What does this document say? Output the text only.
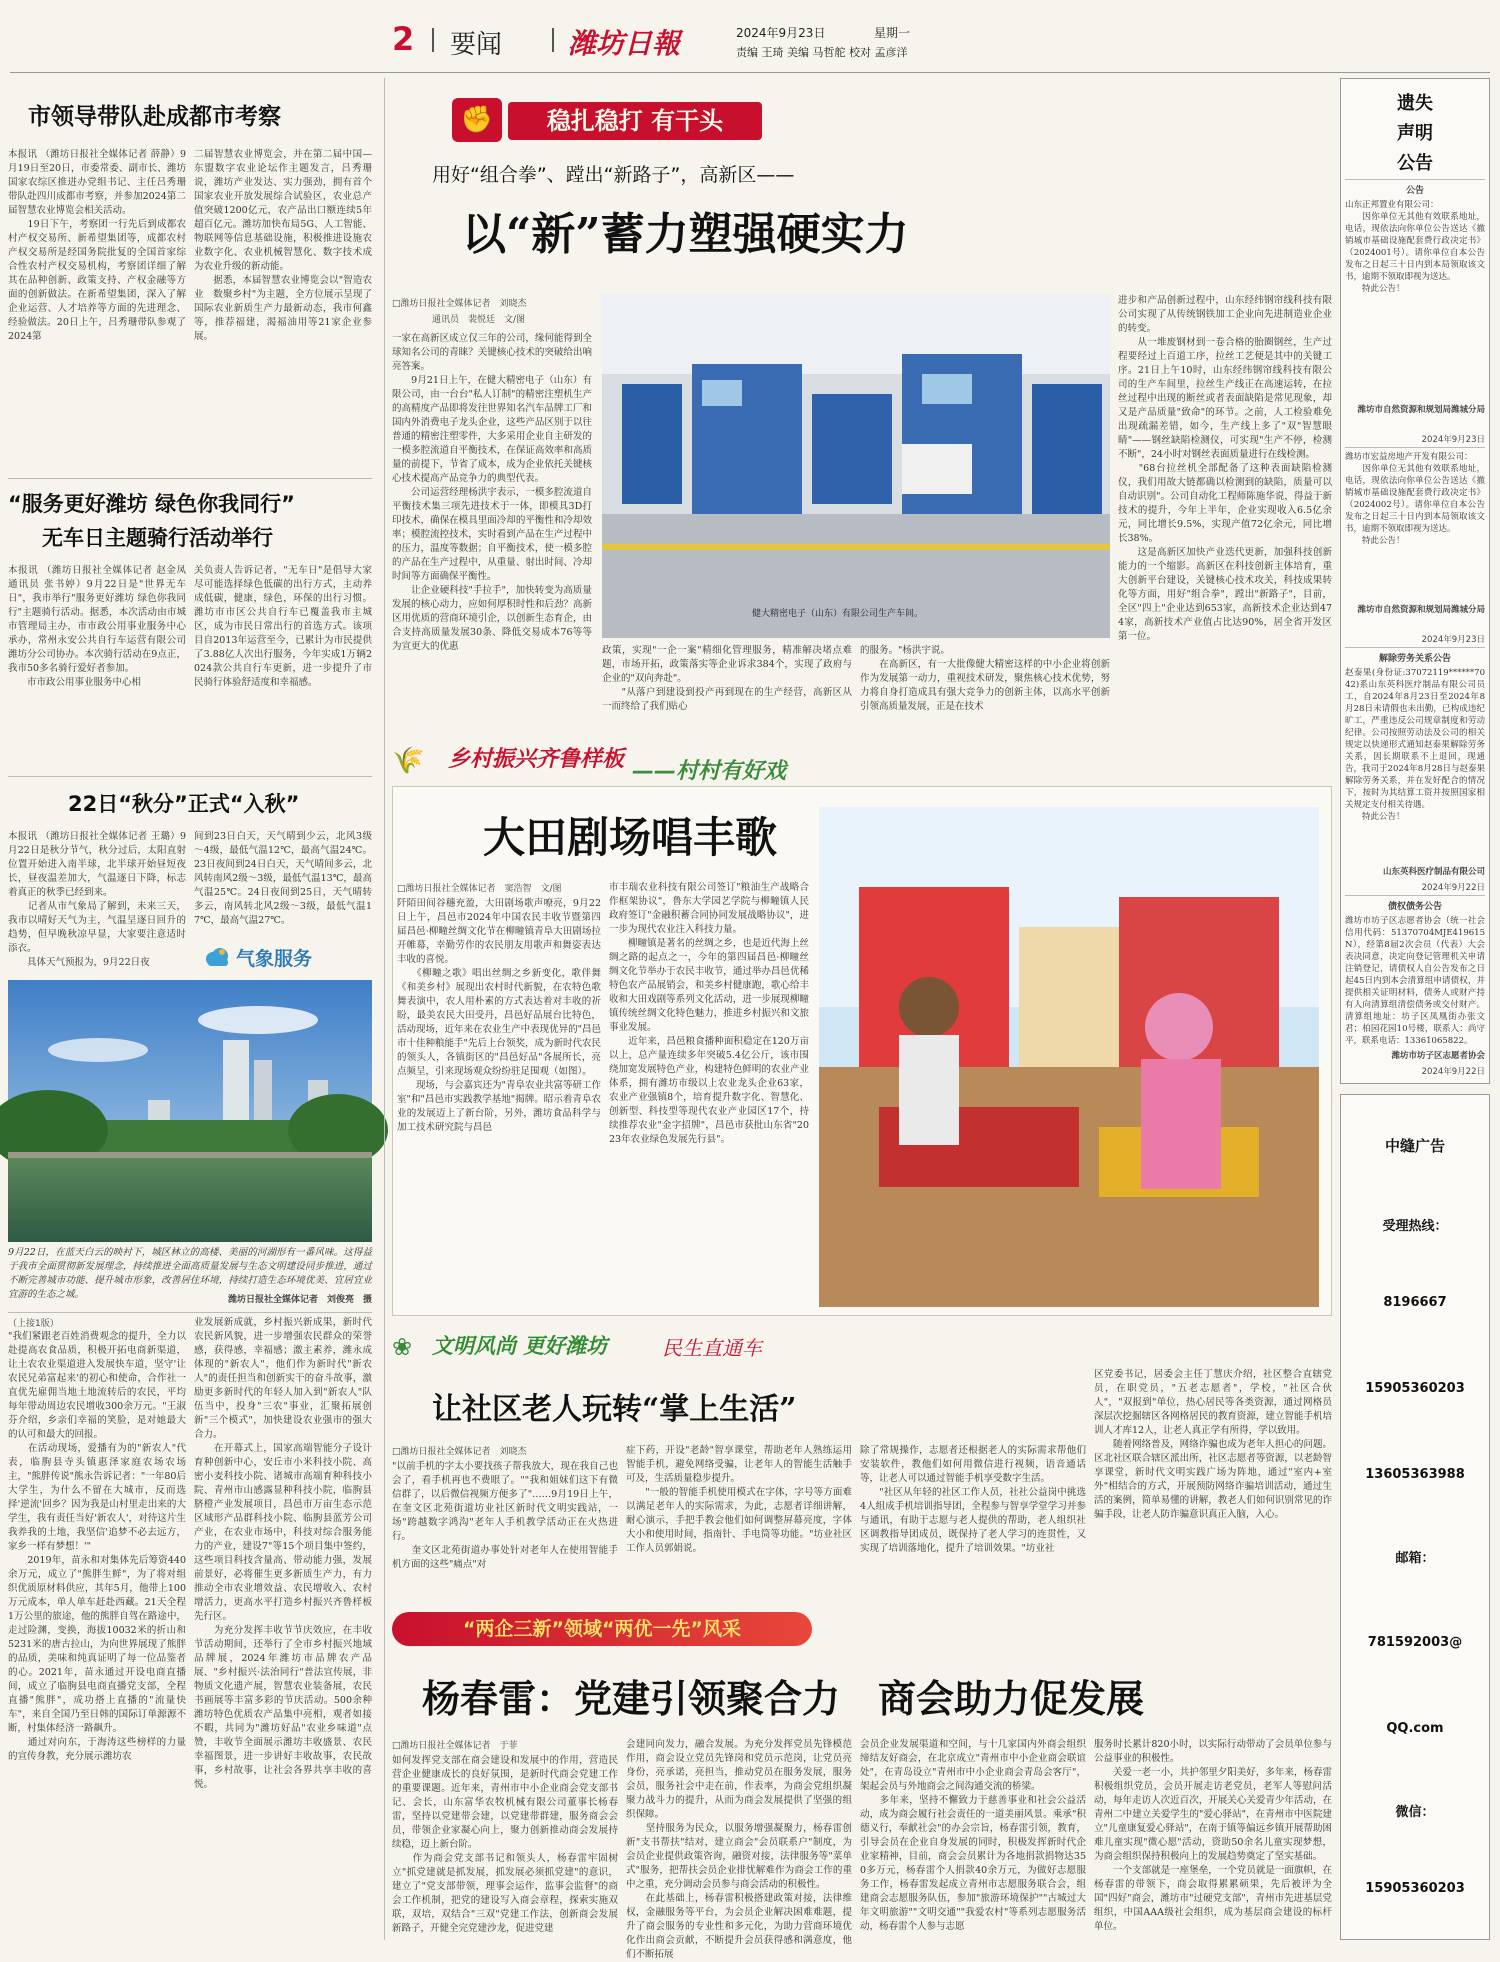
2 要闻	潍坊日報	2024年9月23日	星期一
责编 王琦 美编 马哲舵 校对 孟彦洋
市领导带队赴成都市考察
本报讯 （潍坊日报社全媒体记者 薛静）9月19日至20日，市委常委、副市长、潍坊国家农综区推进办党组书记、主任吕秀珊带队赴四川成都市考察，并参加2024第二届智慧农业博览会相关活动。
　　19日下午，考察团一行先后到成都农村产权交易所、新希望集团等，成都农村产权交易所是经国务院批复的全国首家综合性农村产权交易机构，考察团详细了解其在品种创新、政策支持、产权金融等方面的创新做法。在新希望集团，深入了解企业运营、人才培养等方面的先进理念、经验做法。20日上午，吕秀珊带队参观了2024第
二届智慧农业博览会，并在第二届中国—东盟数字农业论坛作主题发言，吕秀珊说，潍坊产业发达、实力强劲，拥有首个国家农业开放发展综合试验区，农业总产值突破1200亿元，农产品出口额连续5年超百亿元。潍坊加快布局5G、人工智能、物联网等信息基础设施，积极推进设施农业数字化、农业机械智慧化、数字技术成为农业升级的新动能。
　　据悉，本届智慧农业博览会以"智造农业　数聚乡村"为主题，全方位展示呈现了国际农业新质生产力最新动态，我市何鑫等，推荐福建，渴福油用等21家企业参展。
“服务更好潍坊 绿色你我同行”
无车日主题骑行活动举行
本报讯 （潍坊日报社全媒体记者 赵金凤 通讯员 张书婷）9月22日是"世界无车日"，我市举行"服务更好潍坊 绿色你我同行"主题骑行活动。据悉，本次活动由市城市管理局主办，市市政公用事业服务中心承办，常州永安公共自行车运营有限公司潍坊分公司协办。本次骑行活动在9点正，我市50多名骑行爱好者参加。
　　市市政公用事业服务中心相
关负责人告诉记者，"无车日"是倡导大家尽可能选择绿色低碳的出行方式，主动养成低碳，健康，绿色，环保的出行习惯。潍坊市市区公共自行车已覆盖我市主城区，成为市民日常出行的首选方式。该项目自2013年运营至今，已累计为市民提供了3.88亿人次出行服务，今年实成1万辆2024款公共自行车更新，进一步提升了市民骑行体验舒适度和幸福感。
22日“秋分”正式“入秋”
本报讯 （潍坊日报社全媒体记者 王璐）9月22日是秋分节气，秋分过后，太阳直射位置开始进入南半球，北半球开始昼短夜长，昼夜温差加大，气温逐日下降，标志着真正的秋季已经到来。
　　记者从市气象局了解到，未来三天，我市以晴好天气为主，气温呈逐日回升的趋势，但早晚秋凉早显，大家要注意适时添衣。
　　具体天气预报为，9月22日夜
间到23日白天，天气晴到少云，北风3级～4级，最低气温12℃，最高气温24℃。23日夜间到24日白天，天气晴间多云，北风转南风2级～3级，最低气温13℃，最高气温25℃。24日夜间到25日，天气晴转多云，南风转北风2级～3级，最低气温17℃，最高气温27℃。
气象服务
9月22日，在蓝天白云的映衬下，城区林立的高楼、美丽的河湖形有一番风味。这得益于我市全面贯彻新发展理念，持续推进全面高质量发展与生态文明建设同步推进，通过不断完善城市功能、提升城市形象，改善居住环境，持续打造生态环境优美、宜居宜业宜游的生态之城。	潍坊日报社全媒体记者　刘俊亮　摄
（上接1版）
"我们紧跟老百姓消费观念的提升，全力以赴提高农食品质，积极开拓电商新渠道，让土农农业渠道进入发展快车道，坚守'让农民兄弟富起来'的初心和使命，合作社一直优先雇佣当地土地流转后的农民，平均每年带动周边农民增收300余万元。"王淑芬介绍，乡亲们幸福的笑脸，是对她最大的认可和最大的回报。
　　在活动现场，爱播有为的"新农人"代表，临朐县寺头镇惠泽家庭农场农场主，"熊胖传说"熊永告诉记者："一年80后大学生，为什么不留在大城市，反而选择'逆流'回乡？因为我是山村里走出来的大学生，我有责任当好'新农人'，对待这片生我养我的土地，我坚信'追梦不必去远方，家乡一样有梦想！'"
　　2019年，苗永和对集体先后筹资440余万元，成立了"熊胖生鲜"，为了将对组织优质原材料供应，其年5月，他带上100万元成本，单人单车赶赴西藏。21天全程1万公里的旅途，他的熊胖自驾在路途中，走过险渊，变换，海拔10032米的折山和5231米的唐古拉山，为向世界展现了熊胖的品质，美味和纯真证明了每一位品鉴者的心。2021年，苗永通过开设电商直播间，成立了临朐县电商直播党支部，全程直播"熊胖"，成功搭上直播的"流量快车"，来自全国乃至日韩的国际订单源源不断，村集体经济一路飙升。
　　通过对向东，于海涛这些榜样的力量的宣传身教，充分展示潍坊农
业发展新成就，乡村振兴新成果，新时代农民新风貌，进一步增强农民群众的荣誉感，获得感，幸福感；激主素养，潍永成体现的"新农人"，他们作为新时代"新农人"的责任担当和创新实干的奋斗故事，激励更多新时代的年轻人加入到"新农人"队伍当中，投身"三农"事业，汇聚拓展创新"三个模式"，加快建设农业强市的强大合力。
　　在开幕式上，国家高端智能分子设计育种创新中心，安丘市小米科技小院、高密小麦科技小院、诸城市高端育种科技小院、青州市山感露显种科技小院，临朐县脐橙产业发展项目，昌邑市万亩生态示范区域形产品群科技小院、临朐县蓝芳公司产业，在农业市场中，科技对综合服务能力的产业，建设7"等15个项目集中签约，这些项目科技含量高、带动能力强，发展前景好，必将催生更多新质生产力，有力推动全市农业增效益、农民增收入、农村增活力，更高水平打造乡村振兴齐鲁样板先行区。
　　为充分发挥丰收节节庆效应，在丰收节活动期间，还举行了全市乡村振兴地域品牌展，2024年潍坊市品牌农产品展、"乡村振兴·法治同行"普法宣传展，非物质文化遗产展，智慧农业装备展，农民书画展等丰富多彩的节庆活动。500余种潍坊特色优质农产品集中亮相，观者如接不暇，共同为"潍坊好品"农业乡味道"点赞，丰收节全面展示潍坊丰收盛景、农民幸福图景，进一步讲好丰收故事，农民故事，乡村故事，让社会各界共享丰收的喜悦。
✊	稳扎稳打 有干头
用好“组合拳”、蹚出“新路子”，高新区——
以“新”蓄力塑强硬实力
□潍坊日报社全媒体记者　刘晓杰
通讯员　裴悦廷　文/图
一家在高新区成立仅三年的公司，缘何能得到全球知名公司的青睐？关键核心技术的突破给出响亮答案。
　　9月21日上午，在健大精密电子（山东）有限公司，由一台台"私人订制"的精密注塑机生产的高精度产品即将发往世界知名汽车品牌工厂和国内外消费电子龙头企业，这些产品区别于以往普通的精密注塑零件，大多采用企业自主研发的一模多腔流道自平衡技术，在保证高效率和高质量的前提下，节省了成本，成为企业依托关键核心技术提高产品竞争力的典型代表。
　　公司运营经理杨洪宇表示，一模多腔流道自平衡技术集三项先进技术于一体，即模具3D打印技术，确保在模具里面冷却的平衡性和冷却效率；模腔流控技术，实时看到产品在生产过程中的压力，温度等数据；自平衡技术，使一模多腔的产品在生产过程中，从重量、射出时间、冷却时间等方面确保平衡性。
　　让企业硬科技"手拉手"，加快转变为高质量发展的核心动力，应如何厚积时性和后劲？高新区用优质的营商环境引企，以创新生态育企，由合支持高质量发展30条、降低交易成本76等等为宣更大的优惠
健大精密电子（山东）有限公司生产车间。
政策，实现"一企一案"精细化管理服务，精准解决堵点难题，市场开拓，政策落实等企业诉求384个，实现了政府与企业的"双向奔赴"。
　　"从落户到建设到投产再到现在的生产经营，高新区从一而终给了我们贴心
的服务。"杨洪宇说。
　　在高新区，有一大批像健大精密这样的中小企业将创新作为发展第一动力，重视技术研发，聚焦核心技术优势，努力将自身打造成具有强大竞争力的创新主体，以高水平创新引领高质量发展，正是在技术
进步和产品创新过程中，山东经纬钢帘线科技有限公司实现了从传统钢铁加工企业向先进制造业企业的转变。
　　从一堆废钢材到一卷合格的胎圈钢丝，生产过程要经过上百道工序，拉丝工艺便是其中的关键工序。21日上午10时，山东经纬钢帘线科技有限公司的生产车间里，拉丝生产线正在高速运转，在拉丝过程中出现的断丝或者表面缺陷是常见现象，却又是产品质量"致命"的环节。之前，人工检验难免出现疏漏差错，如今，生产线上多了"双"智慧眼睛"——钢丝缺陷检测仪，可实现"生产不停，检测不断"，24小时对钢丝表面质量进行在线检测。
　　"68台拉丝机全部配备了这种表面缺陷检测仪，我们用故大链都确以检测到的缺陷，质量可以自动识别"。公司自动化工程师陈施华说，得益于新技术的提升，今年上半年，企业实现收入6.5亿余元，同比增长9.5%，实现产值72亿余元，同比增长38%。
　　这是高新区加快产业迭代更新，加强科技创新能力的一个缩影。高新区在科技创新主体培育，重大创新平台建设，关键核心技术攻关，科技成果转化等方面，用好"组合拳"，蹚出"新路子"，目前，全区"四上"企业达到653家，高新技术企业达到474家，高新技术产业值占比达90%，居全省开发区第一位。
🌾	乡村振兴齐鲁样板 ——村村有好戏
大田剧场唱丰歌
□潍坊日报社全媒体记者　窦浩智　文/图
阡陌田间谷穗充盈，大田剧场歌声嘹亮，9月22日上午，昌邑市2024年中国农民丰收节暨第四届昌邑·柳疃丝绸文化节在柳疃镇青阜大田剧场拉开帷幕，幸勤劳作的农民朋友用歌声和舞姿表达丰收的喜悦。
　　《柳疃之歌》唱出丝绸之乡新变化，歌伴舞《和美乡村》展现出农村时代新貌，在农特色歌舞表演中，农人用朴素的方式表达着对丰收的祈盼，最美农民大田受丹，昌邑好品展台比特色，活动现场，近年来在农业生产中表现优异的"昌邑市十佳种粮能手"先后上台领奖，成为新时代农民的领头人，各镇街区的"昌邑好品"各展所长，亮点频呈，引来现场观众纷纷驻足围观（如图）。
　　现场，与会嘉宾还为"青阜农业共富等研工作室"和"昌邑市实践教学基地"揭牌。昭示着青阜农业的发展迈上了新台阶，另外，潍坊食品科学与加工技术研究院与昌邑
市丰瑞农业科技有限公司签订"粮油生产战略合作框架协议"，鲁东大学园艺学院与柳疃镇人民政府签订"金融积蓄合同协同发展战略协议"，进一步为现代农业注入科技力量。
　　柳疃镇是著名的丝绸之乡，也是近代海上丝绸之路的起点之一，今年的第四届昌邑·柳疃丝绸文化节举办于农民丰收节，通过举办昌邑优稀特色农产品展销会，和美乡村健康跑，歌心给丰收和大田戏剧等系列文化活动，进一步展现柳疃镇传统丝绸文化特色魅力，推进乡村振兴和文旅事业发展。
　　近年来，昌邑粮食播种面积稳定在120万亩以上，总产量连续多年突破5.4亿公斤，该市围绕加宽发展特色产业，构建特色鲜明的农业产业体系，拥有潍坊市级以上农业龙头企业63家，农业产业强镇8个，培育提升数字化、智慧化、创新型、科技型等现代农业产业园区17个，持续推荐农业"金字招牌"，昌邑市获批山东省"2023年农业绿色发展先行县"。
❀ 文明风尚 更好潍坊	民生直通车
让社区老人玩转“掌上生活”
□潍坊日报社全媒体记者　刘晓杰
"以前手机的字太小要找孩子帮我放大，现在我自己也会了，看手机再也不费眼了。""我和姐妹们这下有微信群了，以后微信视频方便多了"……9月19日上午，在奎文区北苑街道坊业社区新时代文明实践站，一场"跨越数字鸿沟"老年人手机教学活动正在火热进行。
　　奎文区北苑街道办事处针对老年人在使用智能手机方面的这些"痛点"对
症下药，开设"老龄"智享课堂，帮助老年人熟练运用智能手机，避免网络受骗，让老年人的智能生活触手可及，生活质量稳步提升。
　　"一般的智能手机使用模式在字体，字号等方面难以满足老年人的实际需求，为此，志愿者详细讲解，耐心演示，手把手教会他们如何调整屏幕亮度，字体大小和使用时间，指南针、手电筒等功能。"坊业社区工作人员郭娟说。
除了常规操作，志愿者还根据老人的实际需求帮他们安装软件，教他们如何用微信进行视频，语音通话等，让老人可以通过智能手机享受数字生活。
　　"社区从年轻的社区工作人员，社社公益岗中挑选4人组成手机培训指导团，全程参与智享学堂学习并参与通讯，有助于志愿与老人提供的帮助，老人组织社区调教指导团成员，既保持了老人学习的连贯性，又实现了培训落地化，提升了培训效果。"坊业社
区党委书记，居委会主任丁慧庆介绍，社区整合直辖党员，在职党员，"五老志愿者"，学校，"社区合伙人"，"双报到"单位，热心居民等各类资源，通过网格员深层次挖掘辖区各网格居民的教育资源，建立智能手机培训人才库12人，让老人真正学有所得，学以致用。
　　随着网络普及，网络诈骗也成为老年人担心的问题。区北社区联合辖区派出所，社区志愿者等资源，以老龄智享课堂，新时代文明实践广场为阵地，通过"室内+室外"相结合的方式，开展预防网络诈骗培训活动，通过生活的案例，简单易懂的讲解，教老人们如何识别常见的诈骗手段，让老人防诈骗意识真正入脑，入心。
“两企三新”领域“两优一先”风采
杨春雷：党建引领聚合力　商会助力促发展
□潍坊日报社全媒体记者　于菲
如何发挥党支部在商会建设和发展中的作用，营造民营企业健康成长的良好氛围，是新时代商会党建工作的重要课题。近年来，青州市中小企业商会党支部书记、会长，山东富华农牧机械有限公司董事长杨春雷，坚持以党建带会建，以党建带群建，服务商会会员，带领企业家凝心向上，聚力创新推动商会发展持续稳，迈上新台阶。
　　作为商会党支部书记和领头人，杨春雷牢固树立"抓党建就是抓发展，抓发展必须抓党建"的意识，建立了"党支部带领，理事会运作，监事会监督"的商会工作机制，把党的建设写入商会章程，探索实施双联，双培，双结合"三双"党建工作法，创新商会发展新路子，开健全完党建沙龙，促进党建
会建同向发力，融合发展。为充分发挥党员先锋模范作用，商会设立党员先锋岗和党员示范岗，让党员亮身份，亮承诺，亮担当，推动党员在服务发展，服务会员，服务社会中走在前，作表率，为商会党组织凝聚力战斗力的提升，从而为商会发展提供了坚强的组织保障。
　　坚持服务为民众，以服务增强凝聚力，杨春雷创新"支书帮扶"结对，建立商会"会员联系户"制度，为会员企业提供政策咨询，融资对接，法律服务等"菜单式"服务，把帮扶会员企业排忧解难作为商会工作的重中之重，充分调动会员参与商会活动的积极性。
　　在此基础上，杨春雷积极搭建政策对接，法律维权，金融服务等平台，为会员企业解决困难难题，提升了商会服务的专业性和多元化，为助力营商环境优化作出商会贡献，不断提升会员获得感和满意度，他们不断拓展
会员企业发展渠道和空间，与十几家国内外商会组织缔结友好商会，在北京成立"青州市中小企业商会联谊处"，在青岛设立"青州市中小企业商会青岛会客厅"，架起会员与外地商会之间沟通交流的桥梁。
　　多年来，坚持不懈致力于慈善事业和社会公益活动，成为商会履行社会责任的一道美丽风景。乘承"积德义行，奉献社会"的办会宗旨，杨春雷引领，教育，引导会员在企业自身发展的同时，积极发挥新时代企业家精神，目前，商会会员累计为各地捐款捐物达350多万元，杨春雷个人捐款40余万元，为做好志愿服务工作，杨春雷发起成立青州市志愿服务联合会，组建商会志愿服务队伍，参加"旅游环境保护""古城过大年文明旅游""文明交通""我爱农村"等系列志愿服务活动，杨春雷个人参与志愿
服务时长累计820小时，以实际行动带动了会员单位参与公益事业的积极性。
　　关爱一老一小，共护邻里夕阳美好，多年来，杨春雷积极组织党员，会员开展走访老党员，老军人等慰问活动，每年走访人次近百次，开展关心关爱青少年活动，在青州二中建立关爱学生的"爱心驿站"，在青州市中医院建立"儿童康复爱心驿站"，在南于镇等偏远乡镇开展帮助困难儿童实现"微心愿"活动，资助50余名儿童实现梦想，为商会组织保持积极向上的发展趋势奠定了坚实基础。
　　一个支部就是一座堡垒，一个党员就是一面旗帜，在杨春雷的带领下，商会取得累累硕果，先后被评为全国"四好"商会，潍坊市"过硬党支部"，青州市先进基层党组织，中国AAA级社会组织，成为基层商会建设的标杆单位。
遗失
声明
公告
公告
山东正邦置业有限公司：
　　因你单位无其他有效联系地址，电话，现依法向你单位公告送达《撤销城市基础设施配套费行政决定书》（2024001号）。请你单位自本公告发布之日起三十日内到本局领取该文书，逾期不领取即视为送达。
　　特此公告！
潍坊市自然资源和规划局潍城分局
2024年9月23日
潍坊市宏益房地产开发有限公司：
　　因你单位无其他有效联系地址，电话，现依法向你单位公告送达《撤销城市基础设施配套费行政决定书》（2024002号）。请你单位自本公告发布之日起三十日内到本局领取该文书，逾期不领取即视为送达。
　　特此公告！
潍坊市自然资源和规划局潍城分局
2024年9月23日
解除劳务关系公告
赵泰果(身份证:37072119******7042)系山东英科医疗制品有限公司员工，自2024年8月23日至2024年8月28日未请假也未出勤，已构成违纪旷工，严重违反公司规章制度和劳动纪律。公司按照劳动法及公司的相关规定以快递形式通知赵泰果解除劳务关系，因长期联系不上退回，现通告，我司于2024年8月28日与赵泰果解除劳务关系，并在发好配合的情况下，按时为其结算工资并按照国家相关规定支付相关待遇。
　　特此公告！
山东英科医疗制品有限公司
2024年9月22日
债权债务公告
潍坊市坊子区志愿者协会（统一社会信用代码：51370704MJE419615N），经第8届2次会员（代表）大会表决同意，决定向登记管理机关申请注销登记，请债权人自公告发布之日起45日内到本会清算组申请债权，并提供相关证明材料，债务人或财产持有人向清算组清偿债务或交付财产。清算组地址：坊子区凤凰街办张文君；柏园花园10号楼，联系人：尚守平，联系电话：13361065822。
潍坊市坊子区志愿者协会
2024年9月22日
中缝广告
受理热线：
8196667
15905360203
13605363988
邮箱：
781592003@
QQ.com
微信：
15905360203
